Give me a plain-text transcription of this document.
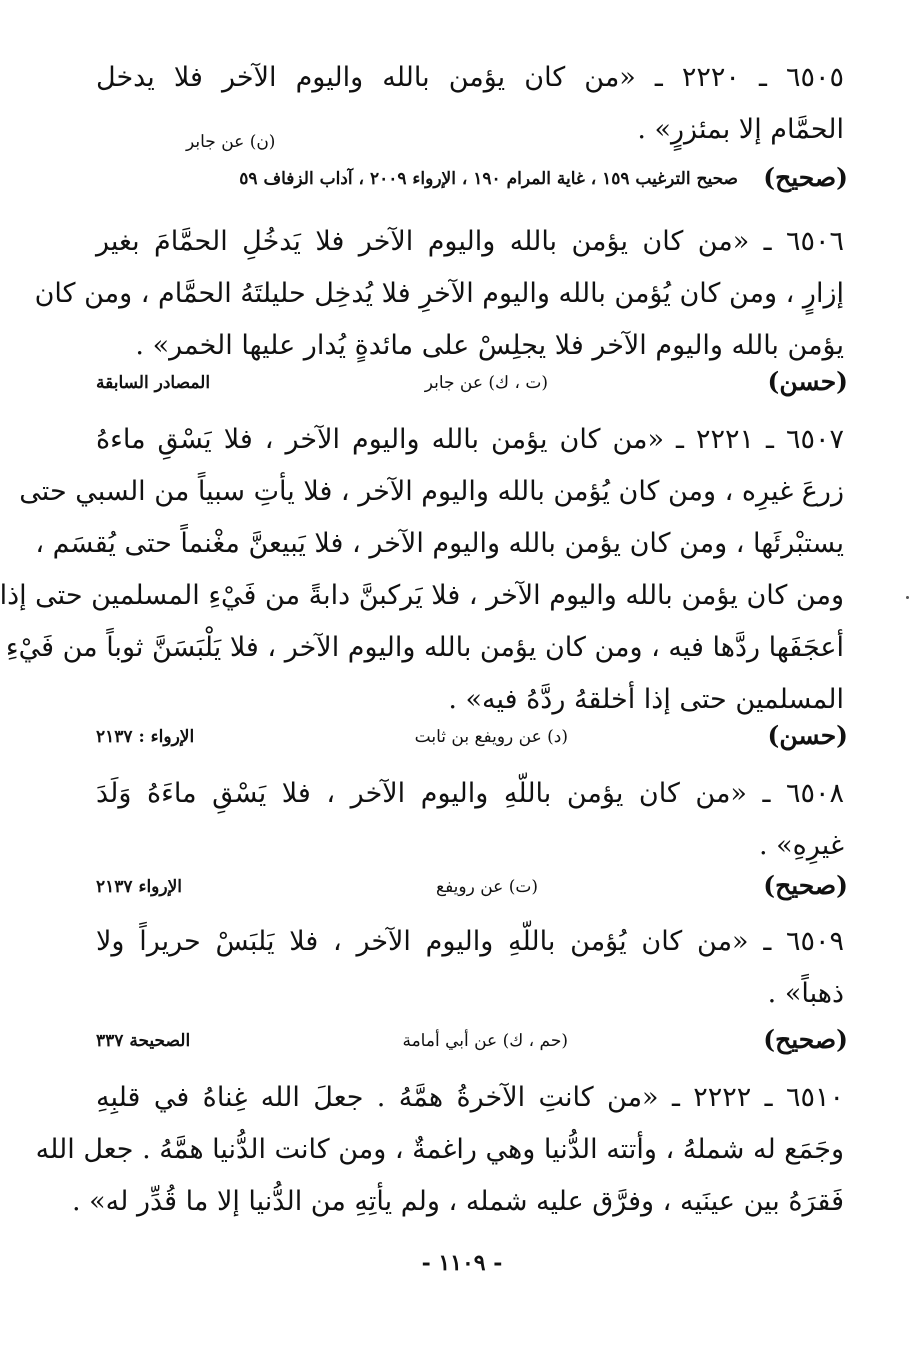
٦٥٠٥ ـ ٢٢٢٠ ـ «من كان يؤمن بالله واليوم الآخر فلا يدخل
الحمَّام إلا بمئزرٍ» .
(ن) عن جابر
(صحيح)
صحيح الترغيب ١٥٩ ، غاية المرام ١٩٠ ، الإرواء ٢٠٠٩ ، آداب الزفاف ٥٩
٦٥٠٦ ـ «من كان يؤمن بالله واليوم الآخر فلا يَدخُلِ الحمَّامَ بغير
إزارٍ ، ومن كان يُؤمن بالله واليوم الآخرِ فلا يُدخِل حليلتَهُ الحمَّام ، ومن كان
يؤمن بالله واليوم الآخر فلا يجلِسْ على مائدةٍ يُدار عليها الخمر» .
(حسن)
(ت ، ك) عن جابر
المصادر السابقة
٦٥٠٧ ـ ٢٢٢١ ـ «من كان يؤمن بالله واليوم الآخر ، فلا يَسْقِ ماءهُ
زرعَ غيرِه ، ومن كان يُؤمن بالله واليوم الآخر ، فلا يأتِ سبياً من السبي حتى
يستبْرئَها ، ومن كان يؤمن بالله واليوم الآخر ، فلا يَبيعنَّ مغْنماً حتى يُقسَم ،
ومن كان يؤمن بالله واليوم الآخر ، فلا يَركبنَّ دابةً من فَيْءِ المسلمين حتى إذا
أعجَفَها ردَّها فيه ، ومن كان يؤمن بالله واليوم الآخر ، فلا يَلْبَسَنَّ ثوباً من فَيْءِ
المسلمين حتى إذا أخلقهُ ردَّهُ فيه» .
(حسن)
(د) عن رويفع بن ثابت
الإرواء : ٢١٣٧
٦٥٠٨ ـ «من كان يؤمن باللّهِ واليوم الآخر ، فلا يَسْقِ ماءَهُ وَلَدَ
غيرِهِ» .
(صحيح)
(ت) عن رويفع
الإرواء ٢١٣٧
٦٥٠٩ ـ «من كان يُؤمن باللّهِ واليوم الآخر ، فلا يَلبَسْ حريراً ولا
ذهباً» .
(صحيح)
(حم ، ك) عن أبي أمامة
الصحيحة ٣٣٧
٦٥١٠ ـ ٢٢٢٢ ـ «من كانتِ الآخرةُ همَّهُ . جعلَ الله غِناهُ في قلبِهِ
وجَمَع له شملهُ ، وأتته الدُّنيا وهي راغمةٌ ، ومن كانت الدُّنيا همَّهُ . جعل الله
فَقرَهُ بين عينَيه ، وفرَّق عليه شمله ، ولم يأتِهِ من الدُّنيا إلا ما قُدِّر له» .
- ١١٠٩ -
